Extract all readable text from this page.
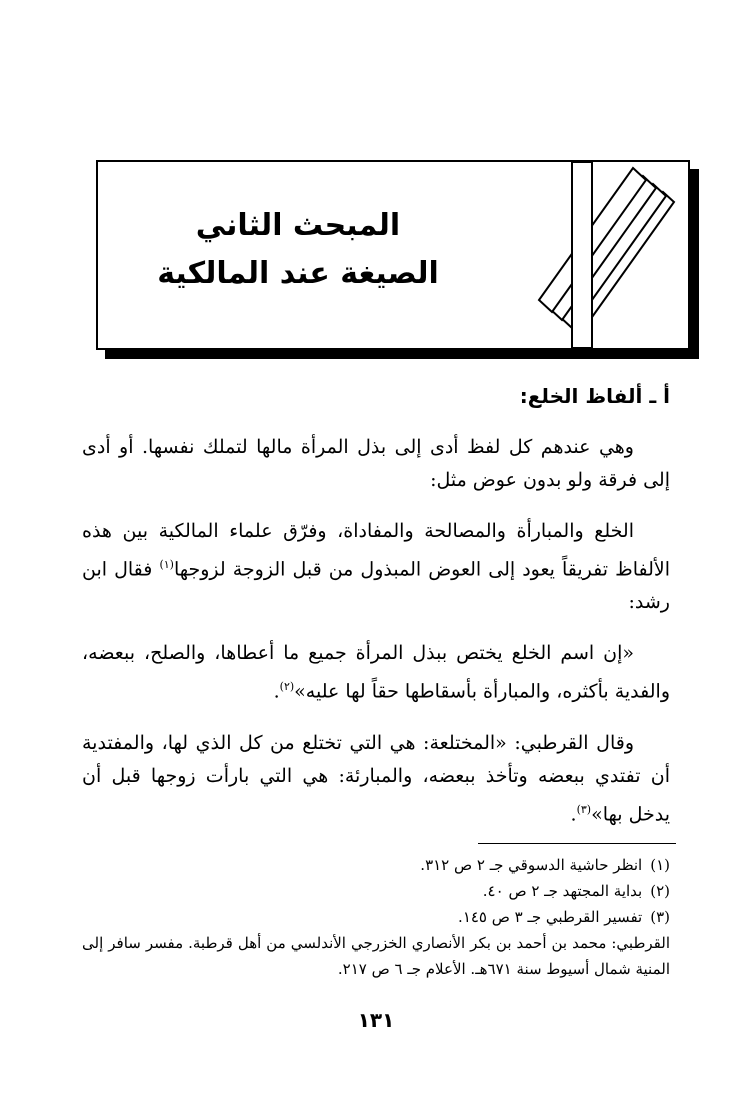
المبحث الثاني
الصيغة عند المالكية
أ ـ ألفاظ الخلع:
وهي عندهم كل لفظ أدى إلى بذل المرأة مالها لتملك نفسها. أو أدى إلى فرقة ولو بدون عوض مثل:
الخلع والمبارأة والمصالحة والمفاداة، وفرّق علماء المالكية بين هذه الألفاظ تفريقاً يعود إلى العوض المبذول من قبل الزوجة لزوجها$^{(١)}$ فقال ابن رشد:
«إن اسم الخلع يختص ببذل المرأة جميع ما أعطاها، والصلح، ببعضه، والفدية بأكثره، والمبارأة بأسقاطها حقاً لها عليه»$^{(٢)}$.
وقال القرطبي: «المختلعة: هي التي تختلع من كل الذي لها، والمفتدية أن تفتدي ببعضه وتأخذ ببعضه، والمبارئة: هي التي بارأت زوجها قبل أن يدخل بها»$^{(٣)}$.
(١)
انظر حاشية الدسوقي جـ ٢ ص ٣١٢.
(٢)
بداية المجتهد جـ ٢ ص ٤٠.
(٣)
تفسير القرطبي جـ ٣ ص ١٤٥.
القرطبي: محمد بن أحمد بن بكر الأنصاري الخزرجي الأندلسي من أهل قرطبة. مفسر سافر إلى المنية شمال أسيوط سنة ٦٧١هـ. الأعلام جـ ٦ ص ٢١٧.
١٣١
